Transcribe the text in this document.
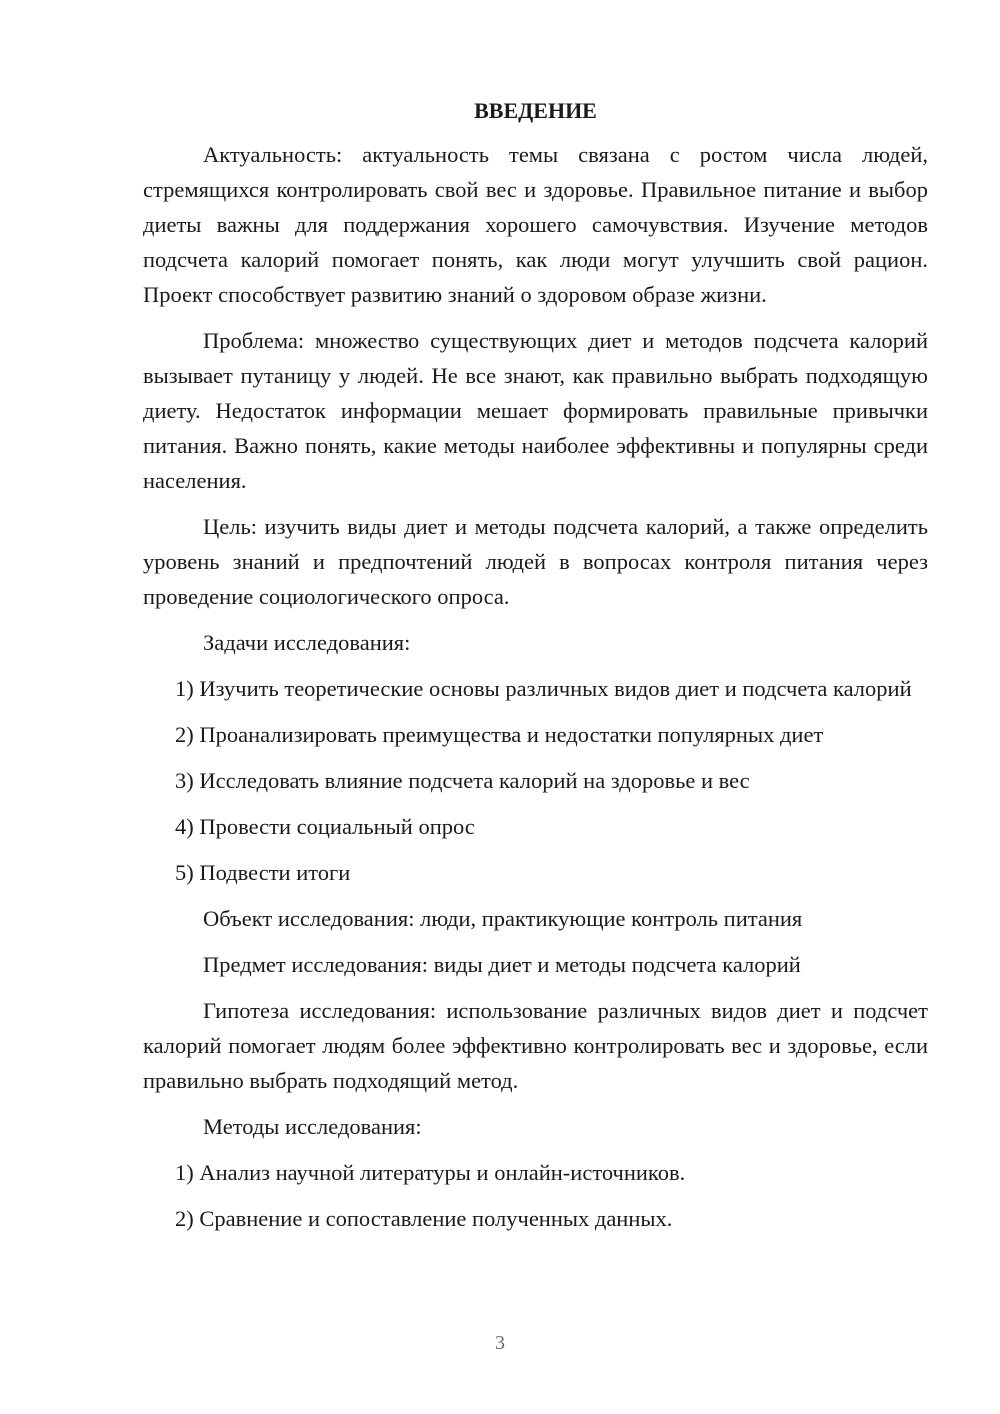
ВВЕДЕНИЕ

Актуальность: актуальность темы связана с ростом числа людей, стремящихся контролировать свой вес и здоровье. Правильное питание и выбор диеты важны для поддержания хорошего самочувствия. Изучение методов подсчета калорий помогает понять, как люди могут улучшить свой рацион. Проект способствует развитию знаний о здоровом образе жизни.

Проблема: множество существующих диет и методов подсчета калорий вызывает путаницу у людей. Не все знают, как правильно выбрать подходящую диету. Недостаток информации мешает формировать правильные привычки питания. Важно понять, какие методы наиболее эффективны и популярны среди населения.

Цель: изучить виды диет и методы подсчета калорий, а также определить уровень знаний и предпочтений людей в вопросах контроля питания через проведение социологического опроса.

Задачи исследования:

1) Изучить теоретические основы различных видов диет и подсчета калорий

2) Проанализировать преимущества и недостатки популярных диет

3) Исследовать влияние подсчета калорий на здоровье и вес

4) Провести социальный опрос

5) Подвести итоги

Объект исследования: люди, практикующие контроль питания

Предмет исследования: виды диет и методы подсчета калорий

Гипотеза исследования: использование различных видов диет и подсчет калорий помогает людям более эффективно контролировать вес и здоровье, если правильно выбрать подходящий метод.

Методы исследования:

1) Анализ научной литературы и онлайн-источников.

2) Сравнение и сопоставление полученных данных.

3
